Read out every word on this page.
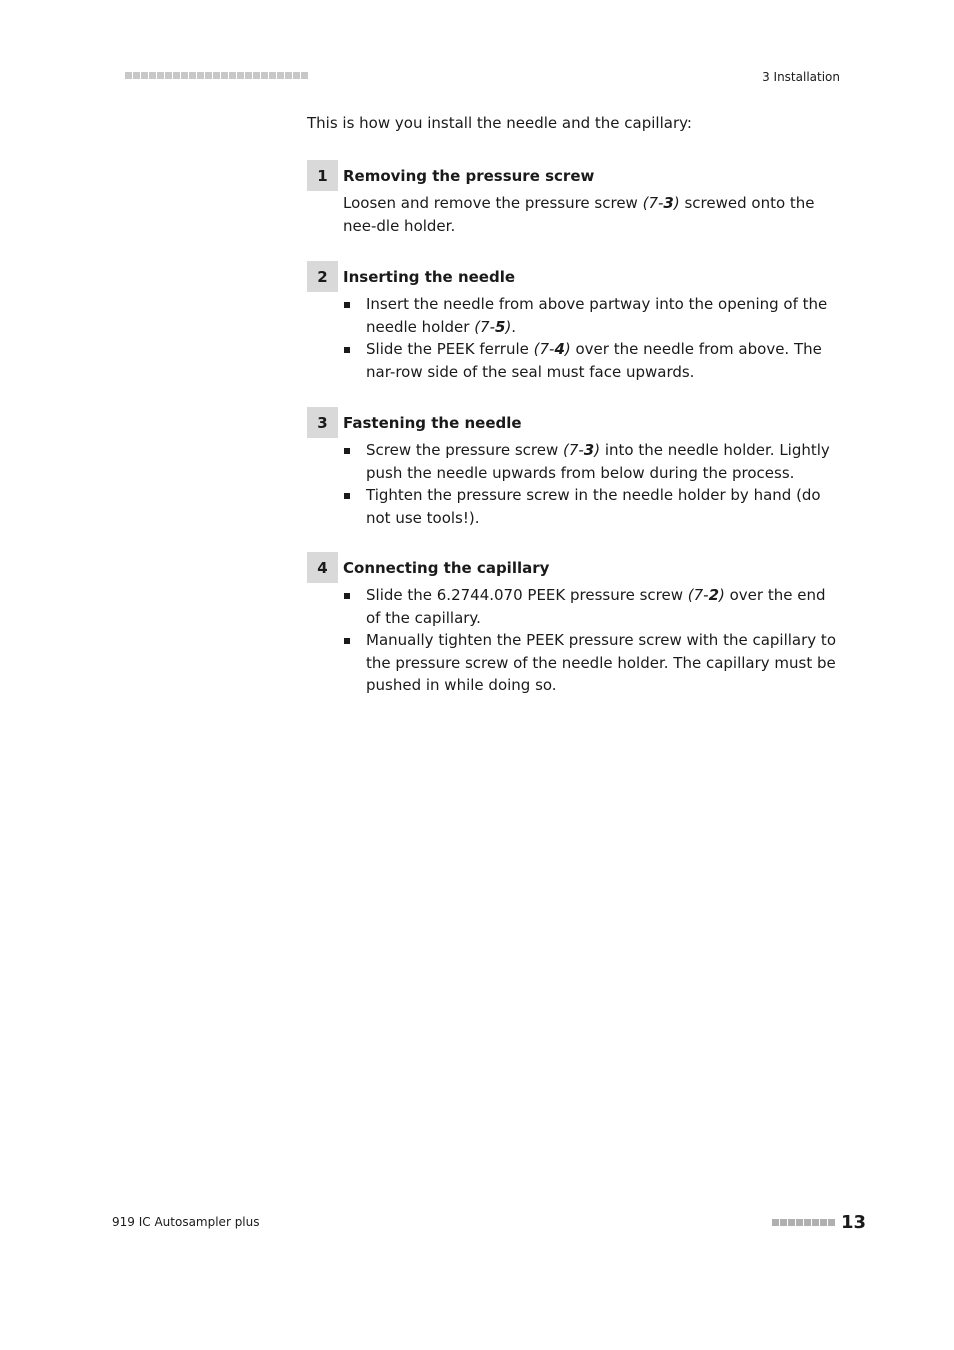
3 Installation
This is how you install the needle and the capillary:
1	Removing the pressure screw

Loosen and remove the pressure screw (7-3) screwed onto the nee-dle holder.

2	Inserting the needle
Insert the needle from above partway into the opening of the needle holder (7-5).
Slide the PEEK ferrule (7-4) over the needle from above. The nar-row side of the seal must face upwards.
3	Fastening the needle
Screw the pressure screw (7-3) into the needle holder. Lightly push the needle upwards from below during the process.
Tighten the pressure screw in the needle holder by hand (do not use tools!).
4	Connecting the capillary
Slide the 6.2744.070 PEEK pressure screw (7-2) over the end of the capillary.
Manually tighten the PEEK pressure screw with the capillary to the pressure screw of the needle holder. The capillary must be pushed in while doing so.
919 IC Autosampler plus	13
